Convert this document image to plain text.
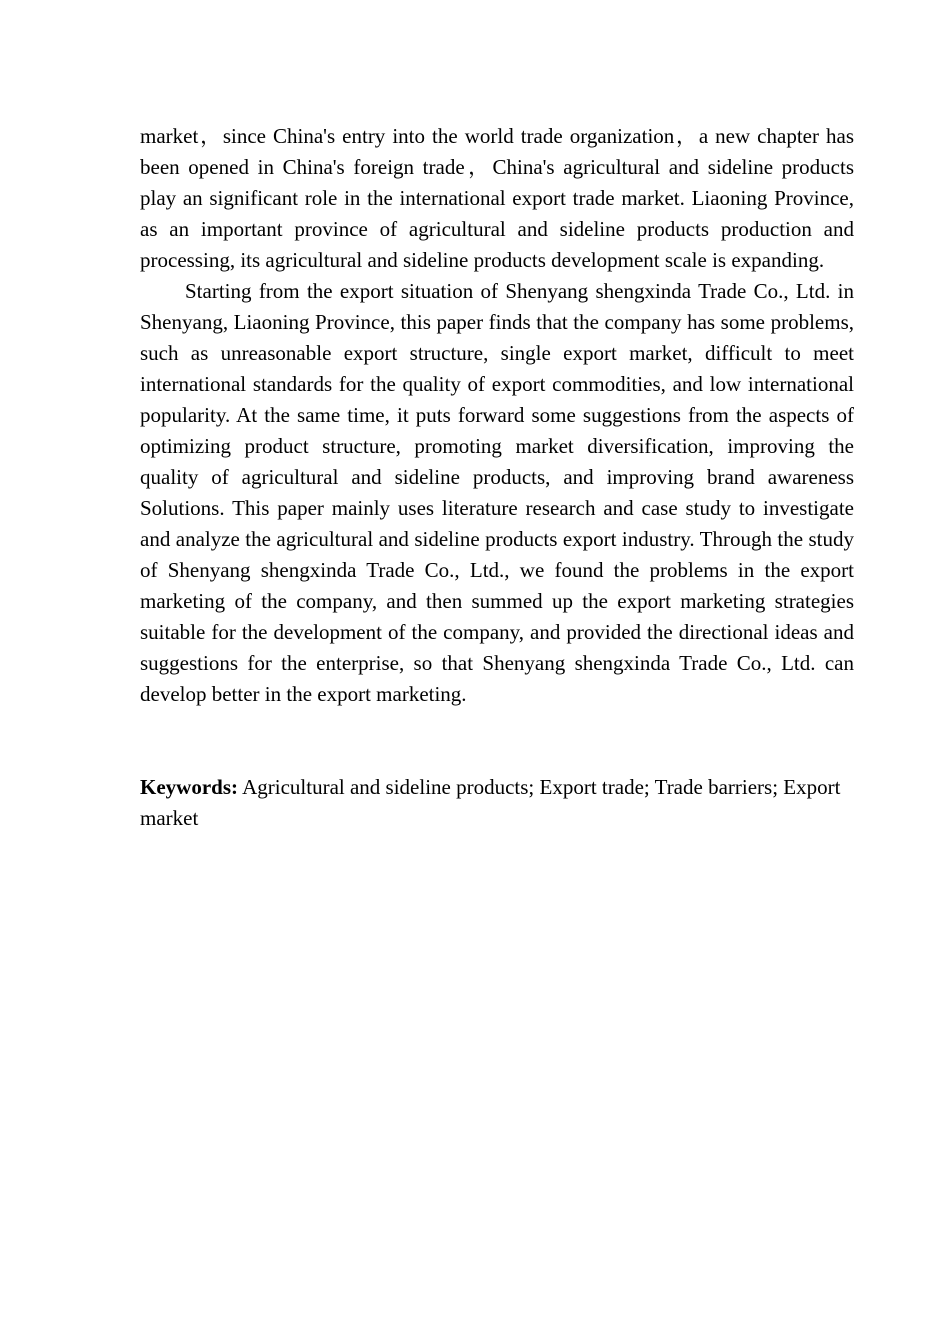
market，since China's entry into the world trade organization，a new chapter has been opened in China's foreign trade，China's agricultural and sideline products play an significant role in the international export trade market. Liaoning Province, as an important province of agricultural and sideline products production and processing, its agricultural and sideline products development scale is expanding.

Starting from the export situation of Shenyang shengxinda Trade Co., Ltd. in Shenyang, Liaoning Province, this paper finds that the company has some problems, such as unreasonable export structure, single export market, difficult to meet international standards for the quality of export commodities, and low international popularity. At the same time, it puts forward some suggestions from the aspects of optimizing product structure, promoting market diversification, improving the quality of agricultural and sideline products, and improving brand awareness Solutions. This paper mainly uses literature research and case study to investigate and analyze the agricultural and sideline products export industry. Through the study of Shenyang shengxinda Trade Co., Ltd., we found the problems in the export marketing of the company, and then summed up the export marketing strategies suitable for the development of the company, and provided the directional ideas and suggestions for the enterprise, so that Shenyang shengxinda Trade Co., Ltd. can develop better in the export marketing.

Keywords: Agricultural and sideline products; Export trade; Trade barriers; Export market
